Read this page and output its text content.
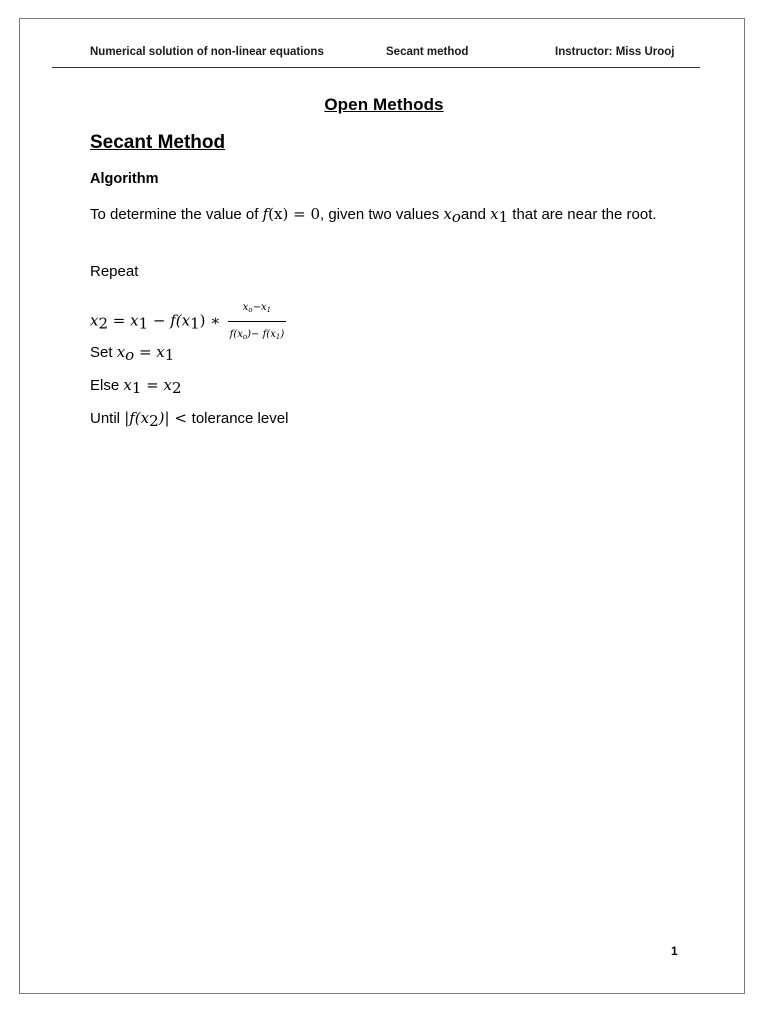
Numerical solution of non-linear equations	Secant method	Instructor: Miss Urooj
Open Methods
Secant Method
Algorithm
To determine the value of f(x) = 0, given two values $x_oand$ $x_1$ that are near the root.
Repeat
$x_2 = x_1 - f(x_1)$ ∗ $\frac{x_o-x_1}{f(x_o)- f(x_1)}$
Set $x_o = x_1$
Else $x_1 = x_2$
Until $|f(x_2)|$ < tolerance level
1
